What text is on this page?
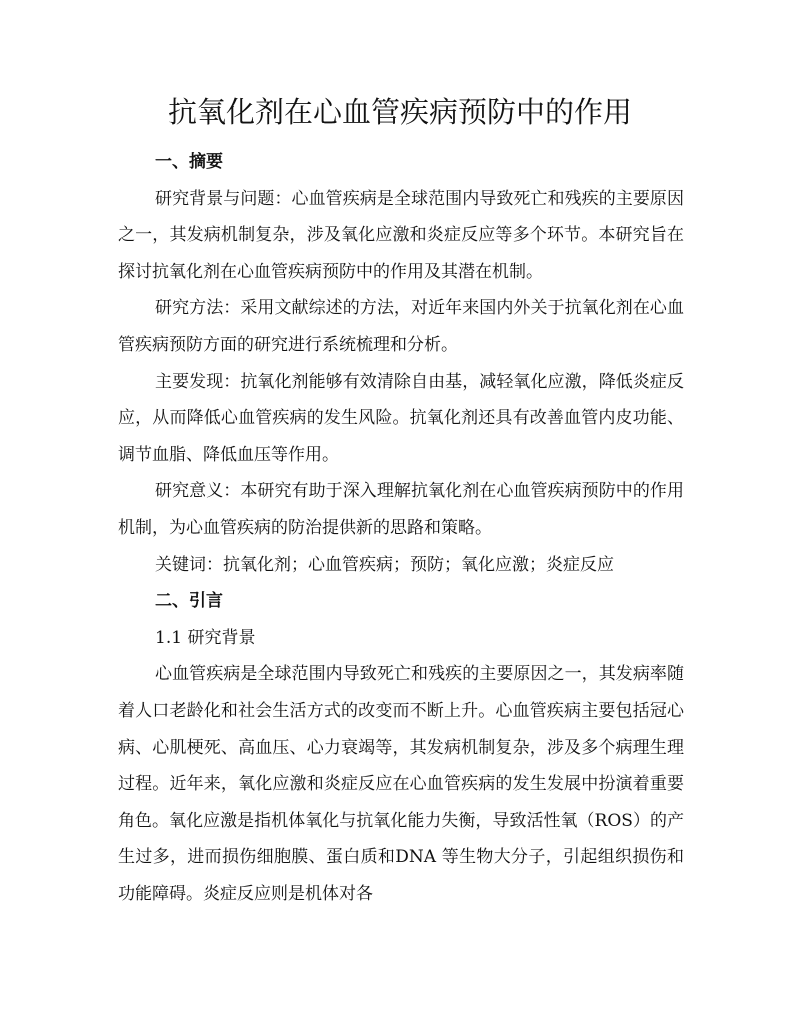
抗氧化剂在心血管疾病预防中的作用

一、摘要

研究背景与问题：心血管疾病是全球范围内导致死亡和残疾的主要原因之一，其发病机制复杂，涉及氧化应激和炎症反应等多个环节。本研究旨在探讨抗氧化剂在心血管疾病预防中的作用及其潜在机制。

研究方法：采用文献综述的方法，对近年来国内外关于抗氧化剂在心血管疾病预防方面的研究进行系统梳理和分析。

主要发现：抗氧化剂能够有效清除自由基，减轻氧化应激，降低炎症反应，从而降低心血管疾病的发生风险。抗氧化剂还具有改善血管内皮功能、调节血脂、降低血压等作用。

研究意义：本研究有助于深入理解抗氧化剂在心血管疾病预防中的作用机制，为心血管疾病的防治提供新的思路和策略。

关键词：抗氧化剂；心血管疾病；预防；氧化应激；炎症反应

二、引言

1.1 研究背景

心血管疾病是全球范围内导致死亡和残疾的主要原因之一，其发病率随着人口老龄化和社会生活方式的改变而不断上升。心血管疾病主要包括冠心病、心肌梗死、高血压、心力衰竭等，其发病机制复杂，涉及多个病理生理过程。近年来，氧化应激和炎症反应在心血管疾病的发生发展中扮演着重要角色。氧化应激是指机体氧化与抗氧化能力失衡，导致活性氧（ROS）的产生过多，进而损伤细胞膜、蛋白质和DNA 等生物大分子，引起组织损伤和功能障碍。炎症反应则是机体对各
